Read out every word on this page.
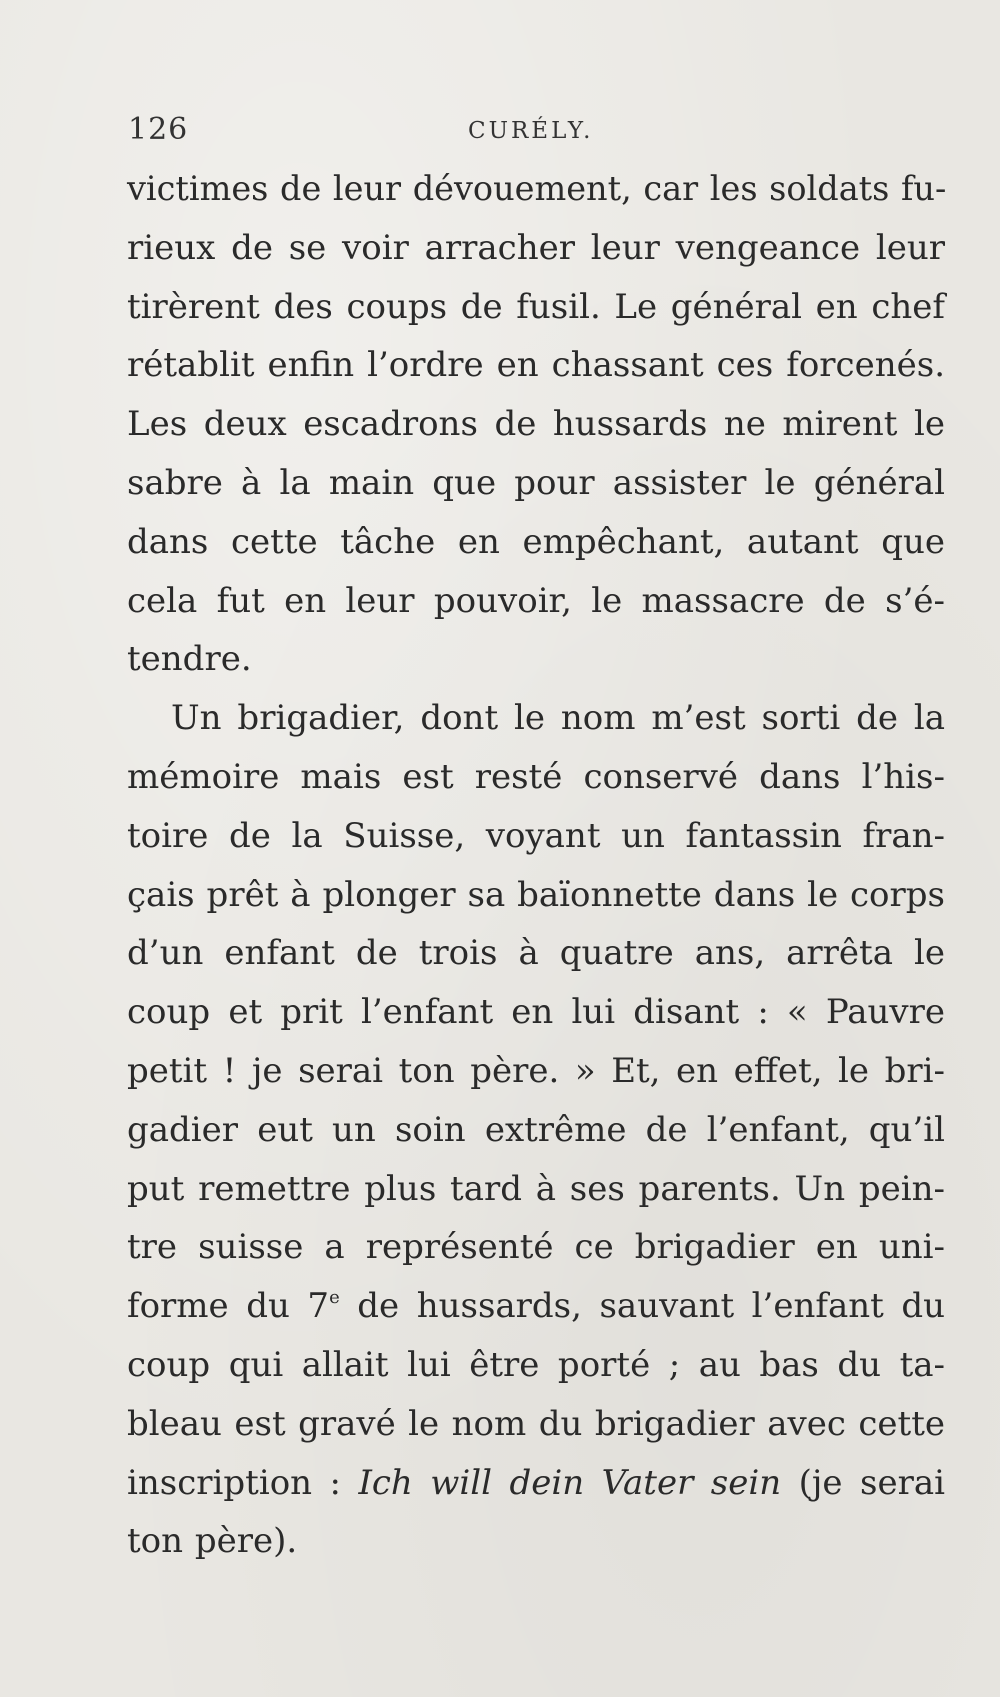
126	CURÉLY.
victimes de leur dévouement, car les soldats fu-
rieux de se voir arracher leur vengeance leur
tirèrent des coups de fusil. Le général en chef
rétablit enfin l’ordre en chassant ces forcenés.
Les deux escadrons de hussards ne mirent le
sabre à la main que pour assister le général
dans cette tâche en empêchant, autant que
cela fut en leur pouvoir, le massacre de s’é-
tendre.
Un brigadier, dont le nom m’est sorti de la
mémoire mais est resté conservé dans l’his-
toire de la Suisse, voyant un fantassin fran-
çais prêt à plonger sa baïonnette dans le corps
d’un enfant de trois à quatre ans, arrêta le
coup et prit l’enfant en lui disant : « Pauvre
petit ! je serai ton père. » Et, en effet, le bri-
gadier eut un soin extrême de l’enfant, qu’il
put remettre plus tard à ses parents. Un pein-
tre suisse a représenté ce brigadier en uni-
forme du 7e de hussards, sauvant l’enfant du
coup qui allait lui être porté ; au bas du ta-
bleau est gravé le nom du brigadier avec cette
inscription : Ich will dein Vater sein (je serai
ton père).
